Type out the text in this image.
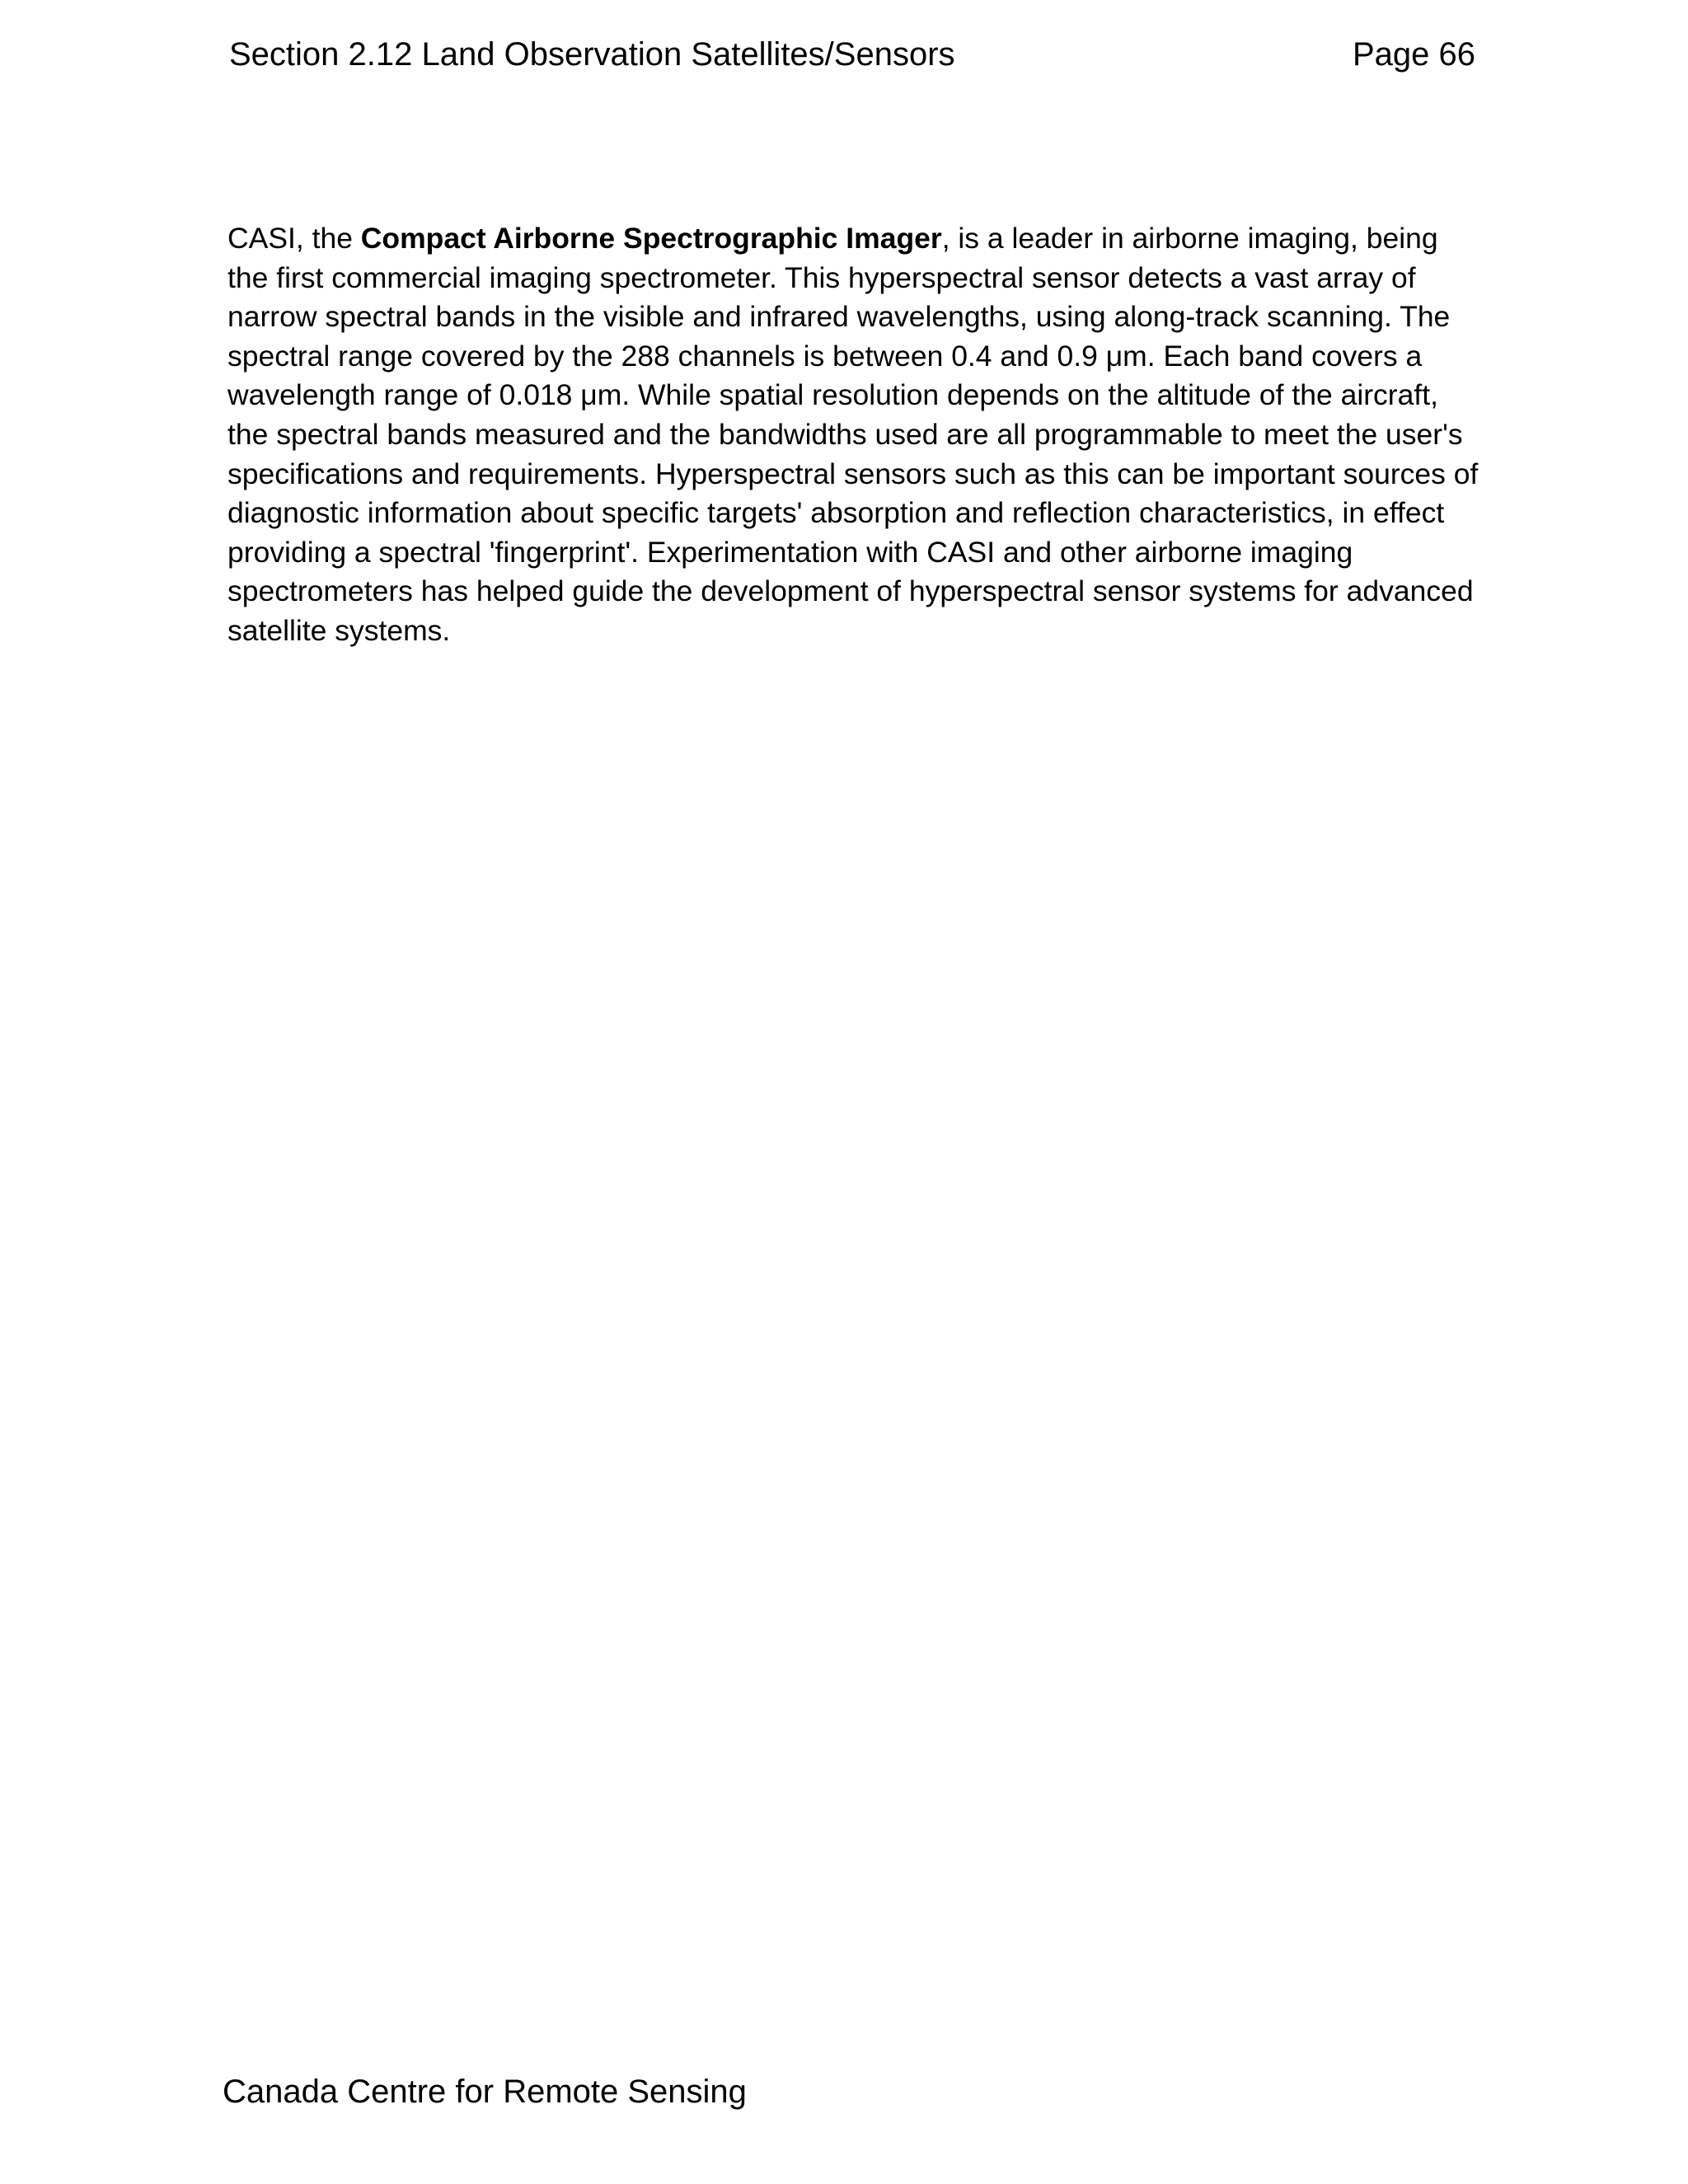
Section 2.12 Land Observation Satellites/Sensors	Page 66

CASI, the Compact Airborne Spectrographic Imager, is a leader in airborne imaging, being the first commercial imaging spectrometer. This hyperspectral sensor detects a vast array of narrow spectral bands in the visible and infrared wavelengths, using along-track scanning. The spectral range covered by the 288 channels is between 0.4 and 0.9 μm. Each band covers a wavelength range of 0.018 μm. While spatial resolution depends on the altitude of the aircraft, the spectral bands measured and the bandwidths used are all programmable to meet the user's specifications and requirements. Hyperspectral sensors such as this can be important sources of diagnostic information about specific targets' absorption and reflection characteristics, in effect providing a spectral 'fingerprint'. Experimentation with CASI and other airborne imaging spectrometers has helped guide the development of hyperspectral sensor systems for advanced satellite systems.

Canada Centre for Remote Sensing
